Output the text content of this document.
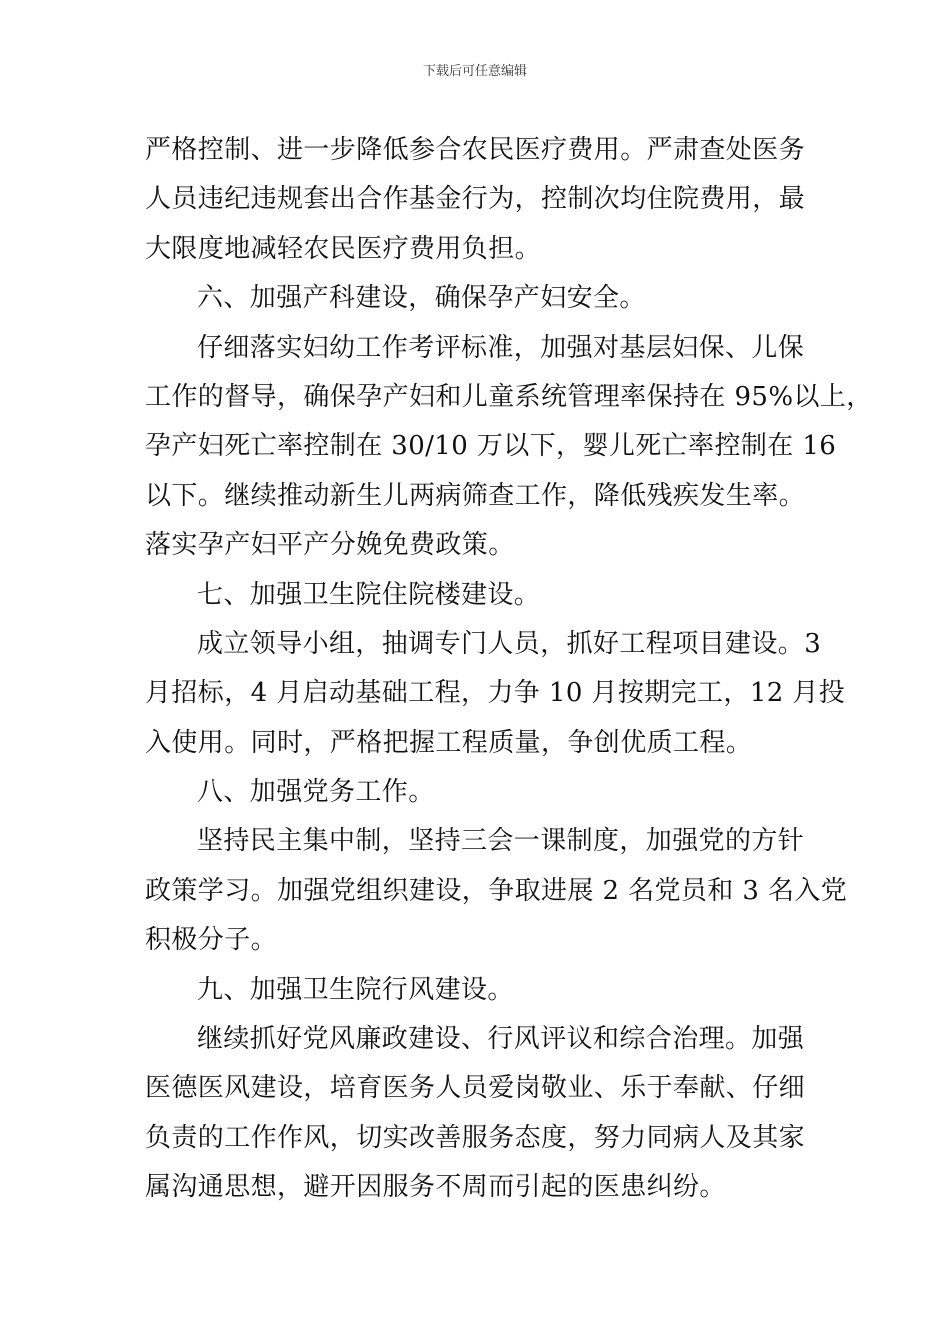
下载后可任意编辑
严格控制、进一步降低参合农民医疗费用。严肃查处医务
人员违纪违规套出合作基金行为，控制次均住院费用，最
大限度地减轻农民医疗费用负担。
六、加强产科建设，确保孕产妇安全。
仔细落实妇幼工作考评标准，加强对基层妇保、儿保
工作的督导，确保孕产妇和儿童系统管理率保持在 95%以上，
孕产妇死亡率控制在 30/10 万以下，婴儿死亡率控制在 16
以下。继续推动新生儿两病筛查工作，降低残疾发生率。
落实孕产妇平产分娩免费政策。
七、加强卫生院住院楼建设。
成立领导小组，抽调专门人员，抓好工程项目建设。3
月招标，4 月启动基础工程，力争 10 月按期完工，12 月投
入使用。同时，严格把握工程质量，争创优质工程。
八、加强党务工作。
坚持民主集中制，坚持三会一课制度，加强党的方针
政策学习。加强党组织建设，争取进展 2 名党员和 3 名入党
积极分子。
九、加强卫生院行风建设。
继续抓好党风廉政建设、行风评议和综合治理。加强
医德医风建设，培育医务人员爱岗敬业、乐于奉献、仔细
负责的工作作风，切实改善服务态度，努力同病人及其家
属沟通思想，避开因服务不周而引起的医患纠纷。
